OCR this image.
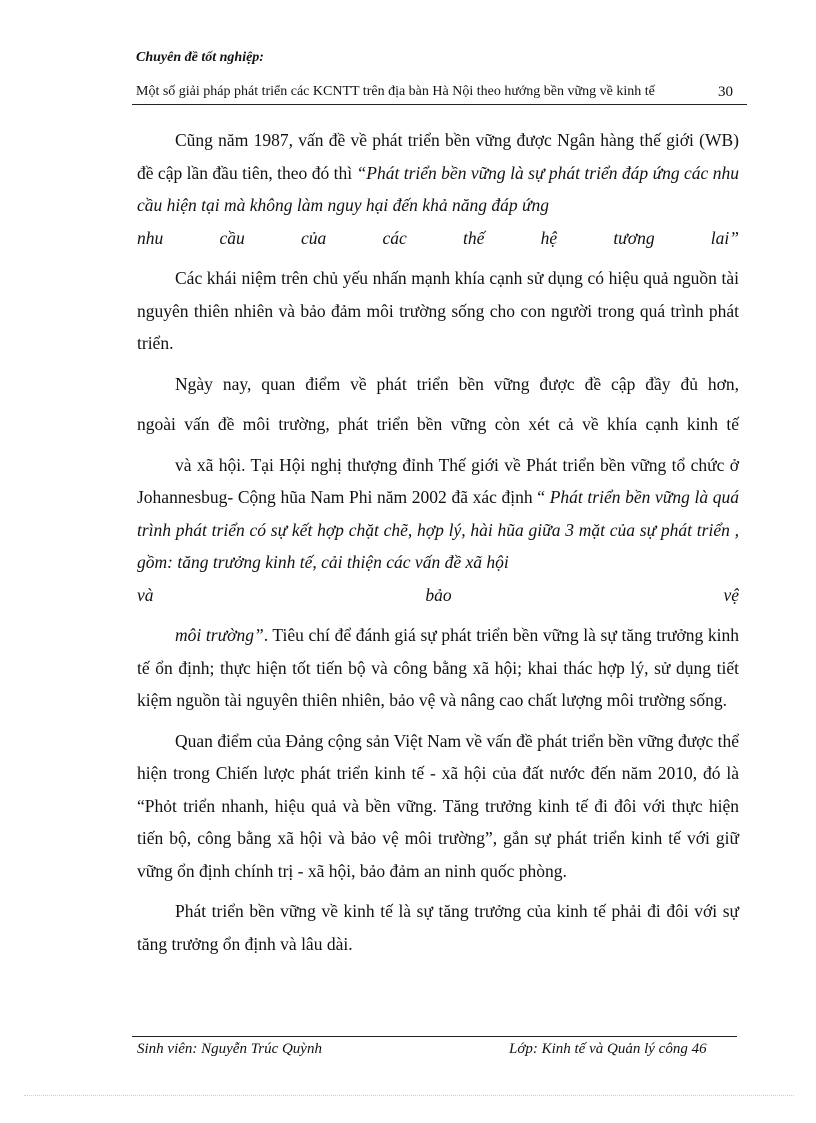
Chuyên đề tốt nghiệp:
Một số giải pháp phát triển các KCNTT trên địa bàn Hà Nội theo hướng bền vững về kinh tế	30

Cũng năm 1987, vấn đề về phát triển bền vững được Ngân hàng thế giới (WB) đề cập lần đầu tiên, theo đó thì “Phát triển bền vững là sự phát triển đáp ứng các nhu cầu hiện tại mà không làm nguy hại đến khả năng đáp ứng

nhu cầu của các thế hệ tương lai”

Các khái niệm trên chủ yếu nhấn mạnh khía cạnh sử dụng có hiệu quả nguồn tài nguyên thiên nhiên và bảo đảm môi trường sống cho con người trong quá trình phát triển.

Ngày nay, quan điểm về phát triển bền vững được đề cập đầy đủ hơn,
ngoài vấn đề môi trường, phát triển bền vững còn xét cả về khía cạnh kinh tế

và xã hội. Tại Hội nghị thượng đỉnh Thế giới về Phát triển bền vững tổ chức ở Johannesbug- Cộng hũa Nam Phi năm 2002 đã xác định “ Phát triển bền vững là quá trình phát triển có sự kết hợp chặt chẽ, hợp lý, hài hũa giữa 3 mặt của sự phát triển , gồm: tăng trưởng kinh tế, cải thiện các vấn đề xã hội

và bảo vệ

môi trường”. Tiêu chí để đánh giá sự phát triển bền vững là sự tăng trưởng kinh tế ổn định; thực hiện tốt tiến bộ và công bằng xã hội; khai thác hợp lý, sử dụng tiết kiệm nguồn tài nguyên thiên nhiên, bảo vệ và nâng cao chất lượng môi trường sống.

Quan điểm của Đảng cộng sản Việt Nam về vấn đề phát triển bền vững được thể hiện trong Chiến lược phát triển kinh tế - xã hội của đất nước đến năm 2010, đó là “Phỏt triển nhanh, hiệu quả và bền vững. Tăng trưởng kinh tế đi đôi với thực hiện tiến bộ, công bằng xã hội và bảo vệ môi trường”, gắn sự phát triển kinh tế với giữ vững ổn định chính trị - xã hội, bảo đảm an ninh quốc phòng.

Phát triển bền vững về kinh tế là sự tăng trưởng của kinh tế phải đi đôi với sự tăng trưởng ổn định và lâu dài.

Sinh viên: Nguyễn Trúc Quỳnh	Lớp: Kinh tế và Quản lý công 46
